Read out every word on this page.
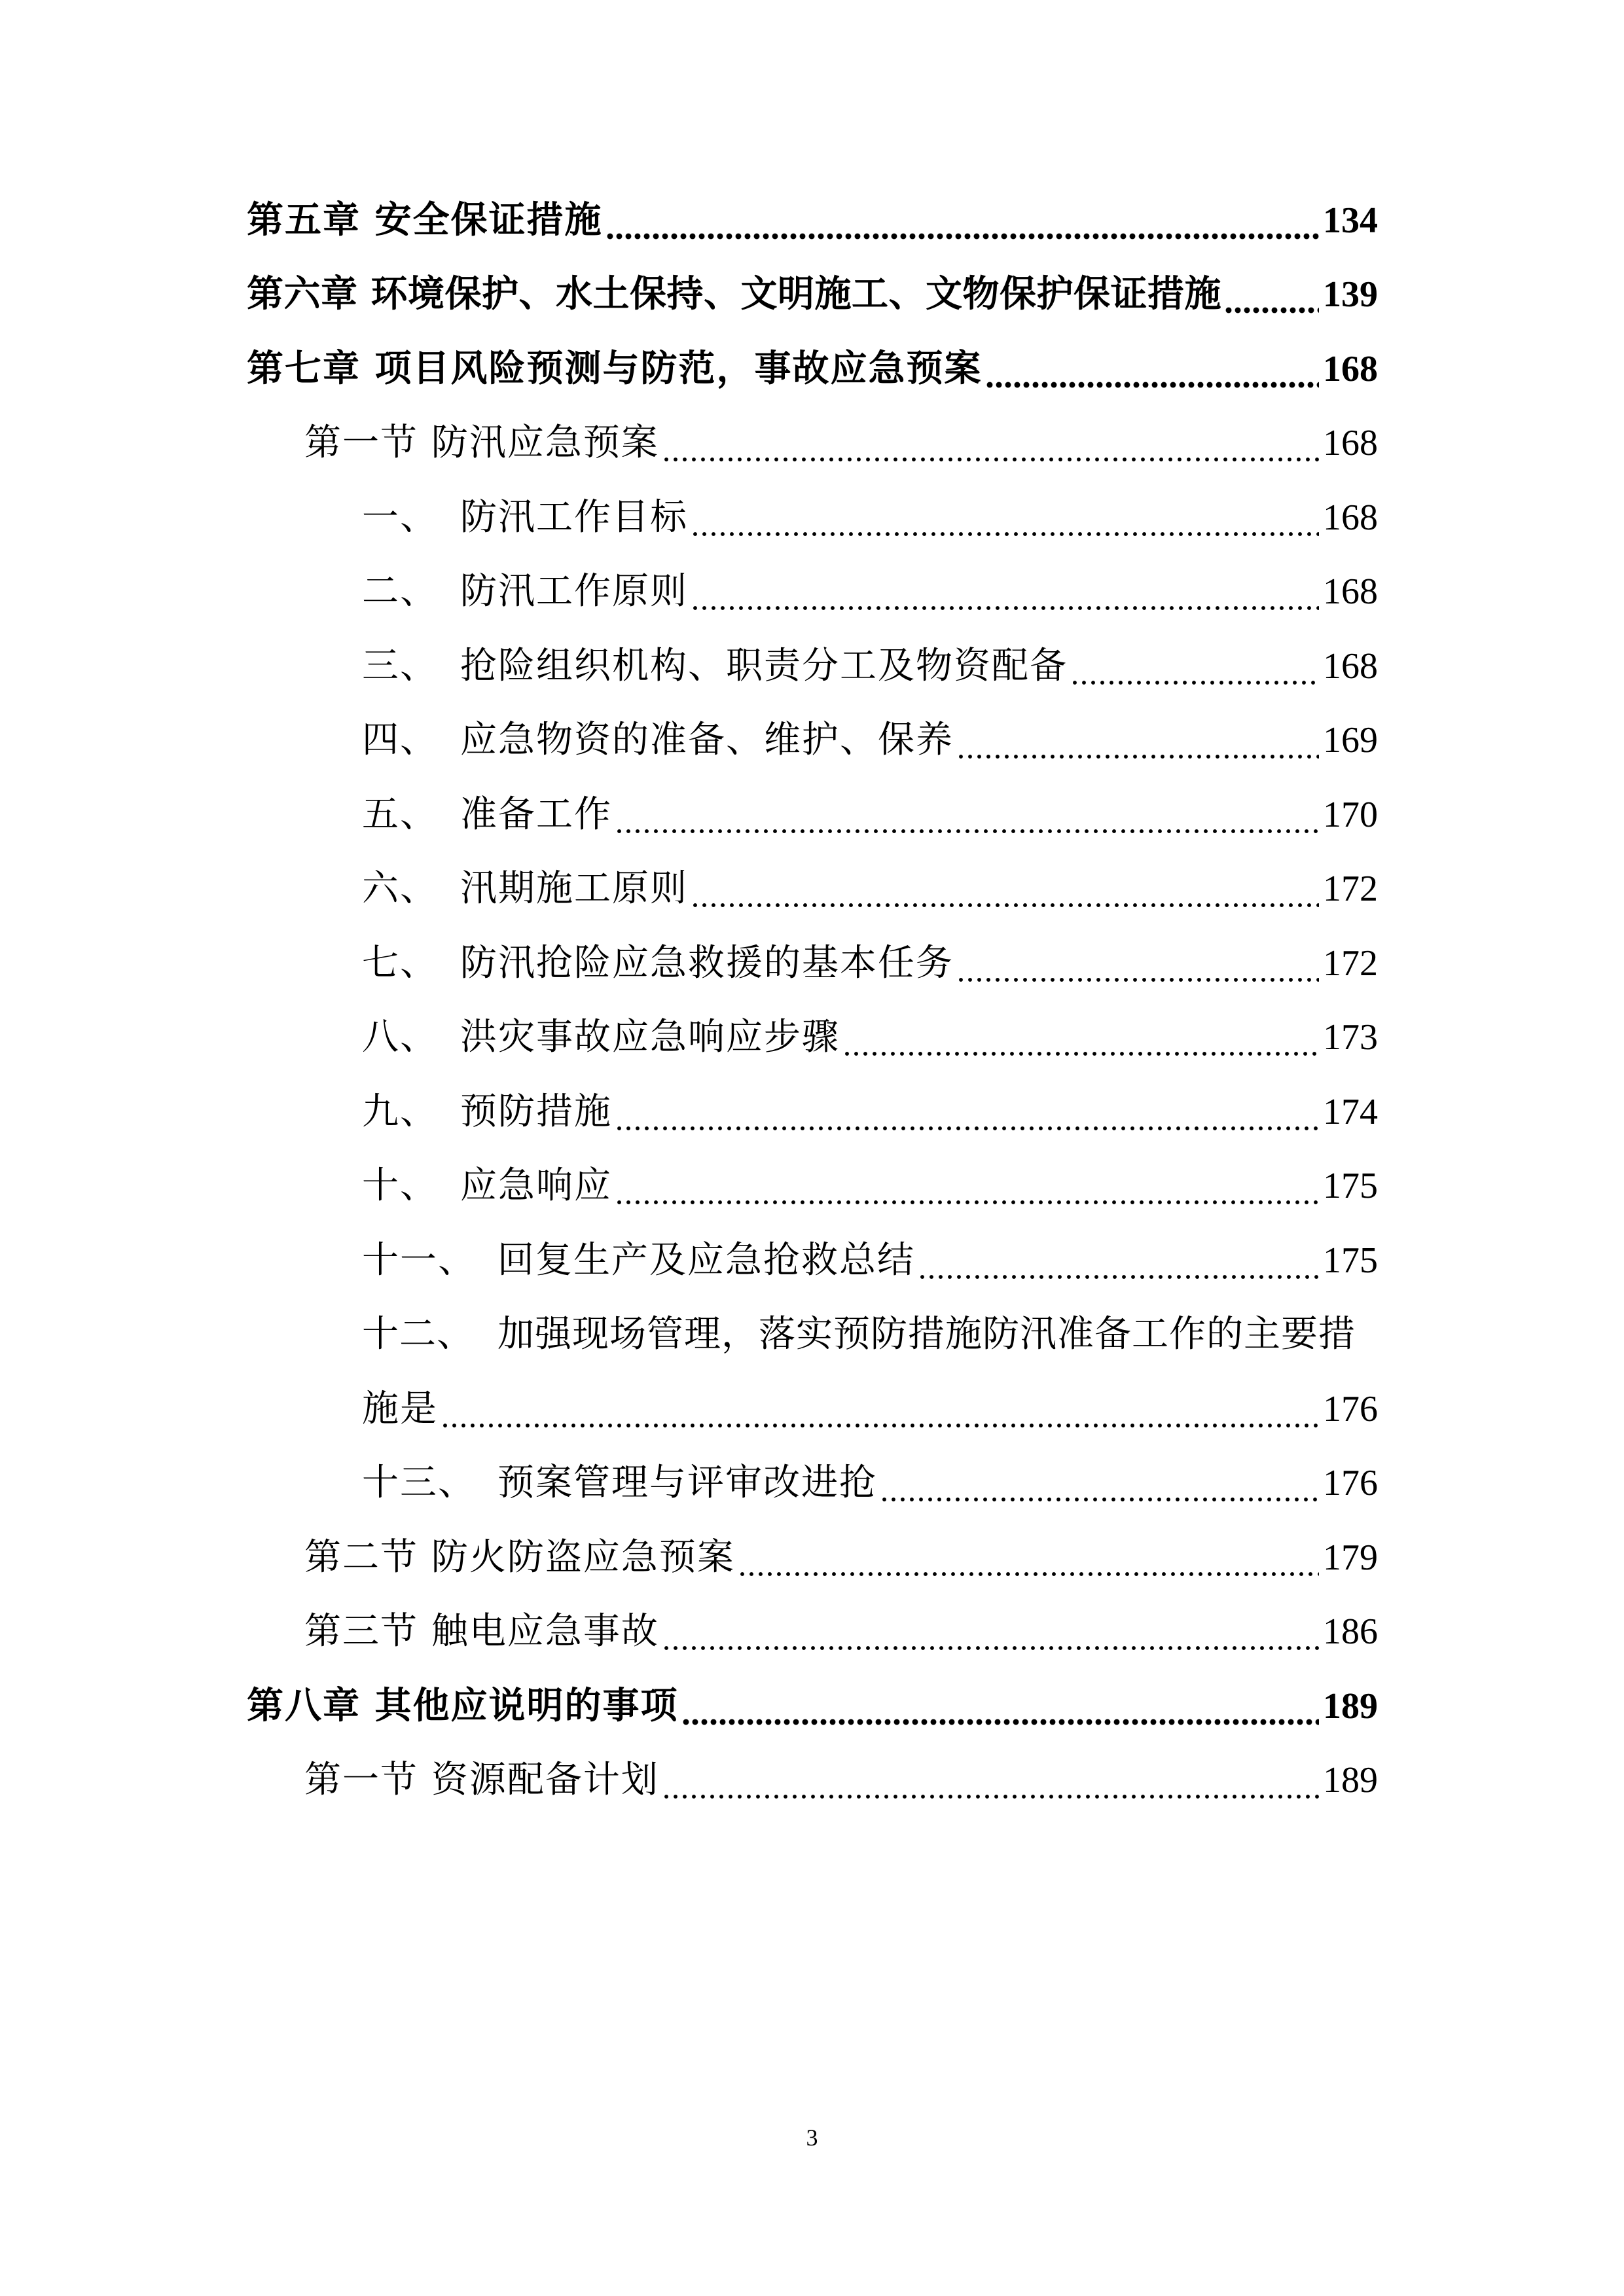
第五章 安全保证措施	134
第六章 环境保护、水土保持、文明施工、文物保护保证措施	139
第七章 项目风险预测与防范，事故应急预案	168
第一节 防汛应急预案	168
一、 防汛工作目标	168
二、 防汛工作原则	168
三、 抢险组织机构、职责分工及物资配备	168
四、 应急物资的准备、维护、保养	169
五、 准备工作	170
六、 汛期施工原则	172
七、 防汛抢险应急救援的基本任务	172
八、 洪灾事故应急响应步骤	173
九、 预防措施	174
十、 应急响应	175
十一、 回复生产及应急抢救总结	175
十二、 加强现场管理，落实预防措施防汛准备工作的主要措
施是	176
十三、 预案管理与评审改进抢	176
第二节 防火防盗应急预案	179
第三节 触电应急事故	186
第八章 其他应说明的事项	189
第一节 资源配备计划	189
3
